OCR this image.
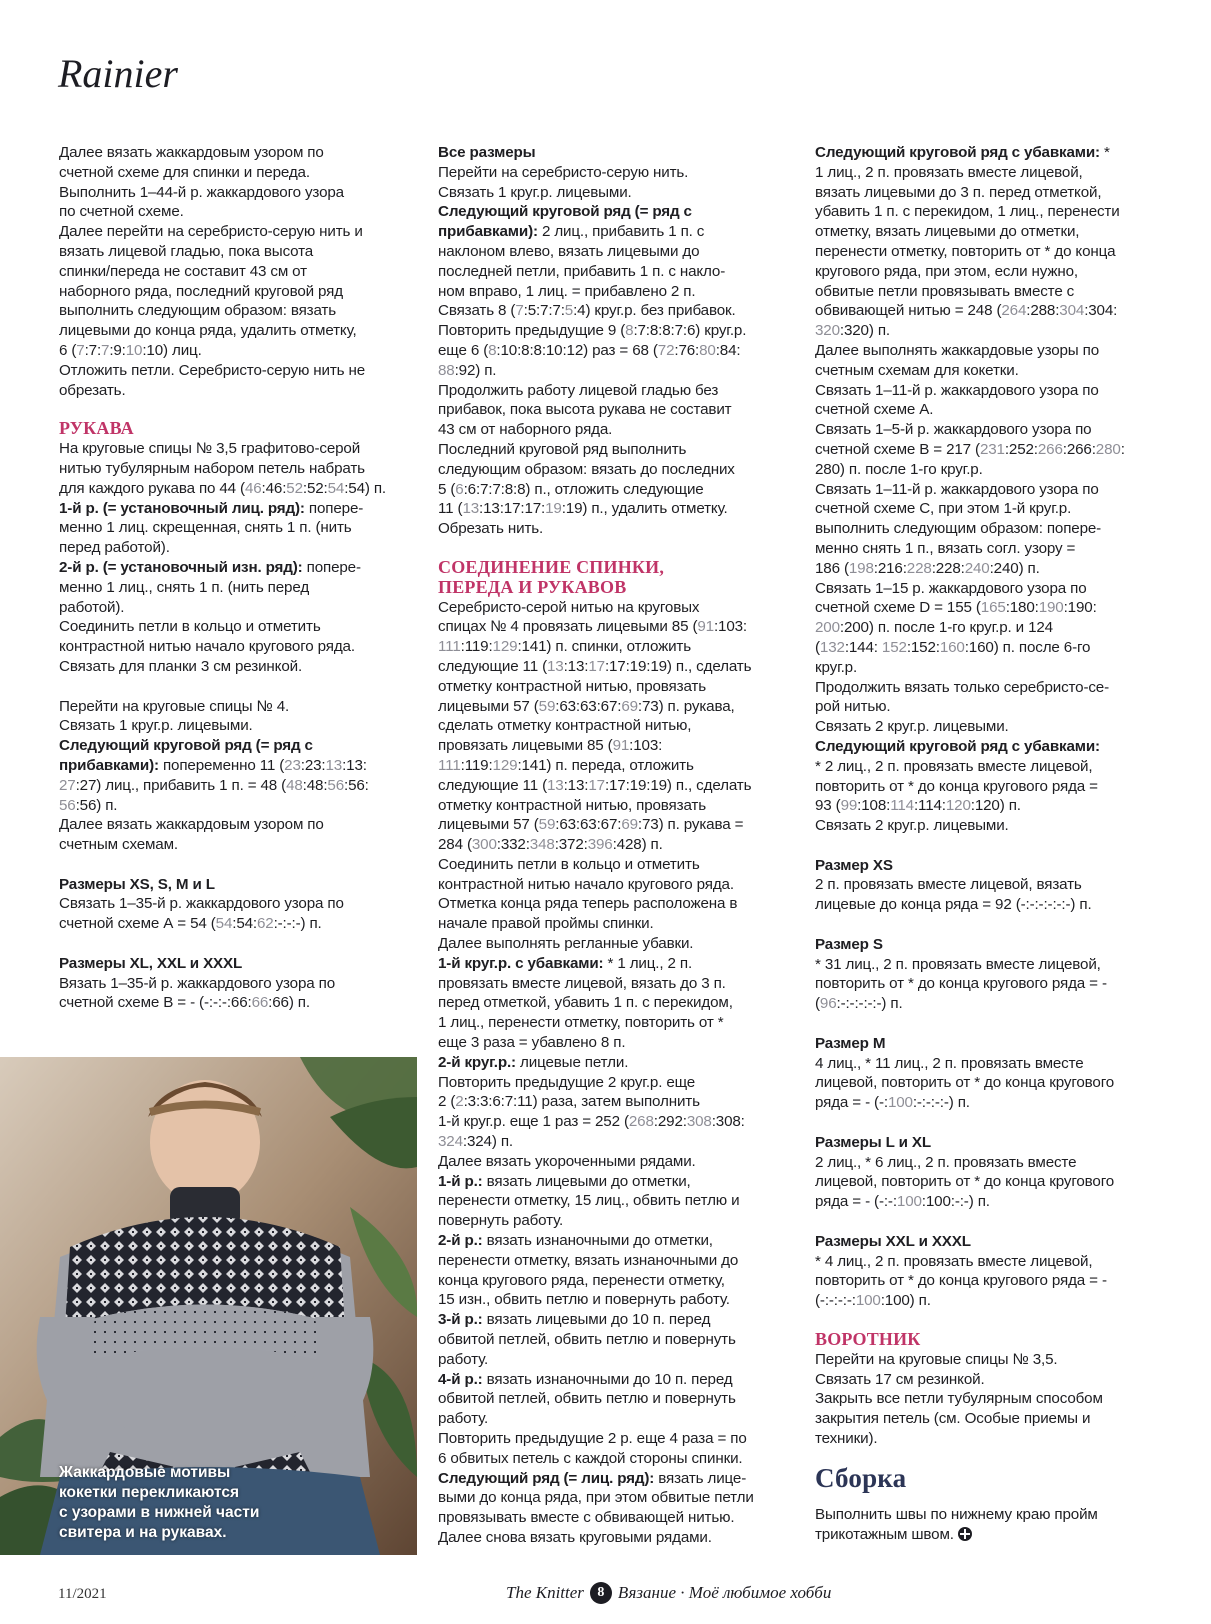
Rainier

Далее вязать жаккардовым узором по
счетной схеме для спинки и переда.
Выполнить 1–44-й р. жаккардового узора
по счетной схеме.
Далее перейти на серебристо-серую нить и
вязать лицевой гладью, пока высота
спинки/переда не составит 43 см от
наборного ряда, последний круговой ряд
выполнить следующим образом: вязать
лицевыми до конца ряда, удалить отметку,
6 (7:7:7:9:10:10) лиц.

Отложить петли. Серебристо-серую нить не
обрезать.

РУКАВА

На круговые спицы № 3,5 графитово-серой
нитью тубулярным набором петель набрать
для каждого рукава по 44 (46:46:52:52:54:54) п.

1-й р. (= установочный лиц. ряд): попере-
менно 1 лиц. скрещенная, снять 1 п. (нить
перед работой).

2-й р. (= установочный изн. ряд): попере-
менно 1 лиц., снять 1 п. (нить перед
работой).

Соединить петли в кольцо и отметить
контрастной нитью начало кругового ряда.
Связать для планки 3 см резинкой.

Перейти на круговые спицы № 4.
Связать 1 круг.р. лицевыми.

Следующий круговой ряд (= ряд с
прибавками): попеременно 11 (23:23:13:13:
27:27) лиц., прибавить 1 п. = 48 (48:48:56:56:
56:56) п.

Далее вязать жаккардовым узором по
счетным схемам.

Размеры XS, S, M и L

Связать 1–35-й р. жаккардового узора по
счетной схеме А = 54 (54:54:62:-:-:-) п.

Размеры XL, XXL и XXXL

Вязать 1–35-й р. жаккардового узора по
счетной схеме В = - (-:-:-:66:66:66) п.

Жаккардовые мотивы
кокетки перекликаются
с узорами в нижней части
свитера и на рукавах.

Все размеры

Перейти на серебристо-серую нить.
Связать 1 круг.р. лицевыми.

Следующий круговой ряд (= ряд с
прибавками): 2 лиц., прибавить 1 п. с
наклоном влево, вязать лицевыми до
последней петли, прибавить 1 п. с накло-
ном вправо, 1 лиц. = прибавлено 2 п.

Связать 8 (7:5:7:7:5:4) круг.р. без прибавок.

Повторить предыдущие 9 (8:7:8:8:7:6) круг.р.
еще 6 (8:10:8:8:10:12) раз = 68 (72:76:80:84:
88:92) п.

Продолжить работу лицевой гладью без
прибавок, пока высота рукава не составит
43 см от наборного ряда.

Последний круговой ряд выполнить
следующим образом: вязать до последних
5 (6:6:7:7:8:8) п., отложить следующие
11 (13:13:17:17:19:19) п., удалить отметку.

Обрезать нить.

СОЕДИНЕНИЕ СПИНКИ,
ПЕРЕДА И РУКАВОВ

Серебристо-серой нитью на круговых
спицах № 4 провязать лицевыми 85 (91:103:
111:119:129:141) п. спинки, отложить
следующие 11 (13:13:17:17:19:19) п., сделать
отметку контрастной нитью, провязать
лицевыми 57 (59:63:63:67:69:73) п. рукава,
сделать отметку контрастной нитью,
провязать лицевыми 85 (91:103:
111:119:129:141) п. переда, отложить
следующие 11 (13:13:17:17:19:19) п., сделать
отметку контрастной нитью, провязать
лицевыми 57 (59:63:63:67:69:73) п. рукава =
284 (300:332:348:372:396:428) п.

Соединить петли в кольцо и отметить
контрастной нитью начало кругового ряда.
Отметка конца ряда теперь расположена в
начале правой проймы спинки.
Далее выполнять регланные убавки.

1-й круг.р. с убавками: * 1 лиц., 2 п.
провязать вместе лицевой, вязать до 3 п.
перед отметкой, убавить 1 п. с перекидом,
1 лиц., перенести отметку, повторить от *
еще 3 раза = убавлено 8 п.

2-й круг.р.: лицевые петли.

Повторить предыдущие 2 круг.р. еще
2 (2:3:3:6:7:11) раза, затем выполнить
1-й круг.р. еще 1 раз = 252 (268:292:308:308:
324:324) п.

Далее вязать укороченными рядами.

1-й р.: вязать лицевыми до отметки,
перенести отметку, 15 лиц., обвить петлю и
повернуть работу.

2-й р.: вязать изнаночными до отметки,
перенести отметку, вязать изнаночными до
конца кругового ряда, перенести отметку,
15 изн., обвить петлю и повернуть работу.

3-й р.: вязать лицевыми до 10 п. перед
обвитой петлей, обвить петлю и повернуть
работу.

4-й р.: вязать изнаночными до 10 п. перед
обвитой петлей, обвить петлю и повернуть
работу.

Повторить предыдущие 2 р. еще 4 раза = по
6 обвитых петель с каждой стороны спинки.

Следующий ряд (= лиц. ряд): вязать лице-
выми до конца ряда, при этом обвитые петли
провязывать вместе с обвивающей нитью.
Далее снова вязать круговыми рядами.

Следующий круговой ряд с убавками: *
1 лиц., 2 п. провязать вместе лицевой,
вязать лицевыми до 3 п. перед отметкой,
убавить 1 п. с перекидом, 1 лиц., перенести
отметку, вязать лицевыми до отметки,
перенести отметку, повторить от * до конца
кругового ряда, при этом, если нужно,
обвитые петли провязывать вместе с
обвивающей нитью = 248 (264:288:304:304:
320:320) п.

Далее выполнять жаккардовые узоры по
счетным схемам для кокетки.
Связать 1–11-й р. жаккардового узора по
счетной схеме А.

Связать 1–5-й р. жаккардового узора по
счетной схеме В = 217 (231:252:266:266:280:
280) п. после 1-го круг.р.

Связать 1–11-й р. жаккардового узора по
счетной схеме С, при этом 1-й круг.р.
выполнить следующим образом: попере-
менно снять 1 п., вязать согл. узору =
186 (198:216:228:228:240:240) п.

Связать 1–15 р. жаккардового узора по
счетной схеме D = 155 (165:180:190:190:
200:200) п. после 1-го круг.р. и 124
(132:144: 152:152:160:160) п. после 6-го
круг.р.

Продолжить вязать только серебристо-се-
рой нитью.
Связать 2 круг.р. лицевыми.

Следующий круговой ряд с убавками:
* 2 лиц., 2 п. провязать вместе лицевой,
повторить от * до конца кругового ряда =
93 (99:108:114:114:120:120) п.
Связать 2 круг.р. лицевыми.

Размер XS

2 п. провязать вместе лицевой, вязать
лицевые до конца ряда = 92 (-:-:-:-:-:-) п.

Размер S

* 31 лиц., 2 п. провязать вместе лицевой,
повторить от * до конца кругового ряда = -
(96:-:-:-:-:-) п.

Размер M

4 лиц., * 11 лиц., 2 п. провязать вместе
лицевой, повторить от * до конца кругового
ряда = - (-:100:-:-:-:-) п.

Размеры L и XL

2 лиц., * 6 лиц., 2 п. провязать вместе
лицевой, повторить от * до конца кругового
ряда = - (-:-:100:100:-:-) п.

Размеры XXL и XXXL

* 4 лиц., 2 п. провязать вместе лицевой,
повторить от * до конца кругового ряда = -
(-:-:-:-:100:100) п.

ВОРОТНИК

Перейти на круговые спицы № 3,5.
Связать 17 см резинкой.
Закрыть все петли тубулярным способом
закрытия петель (см. Особые приемы и
техники).

Сборка

Выполнить швы по нижнему краю пройм
трикотажным швом.

11/2021	The Knitter 8 Вязание · Моё любимое хобби
